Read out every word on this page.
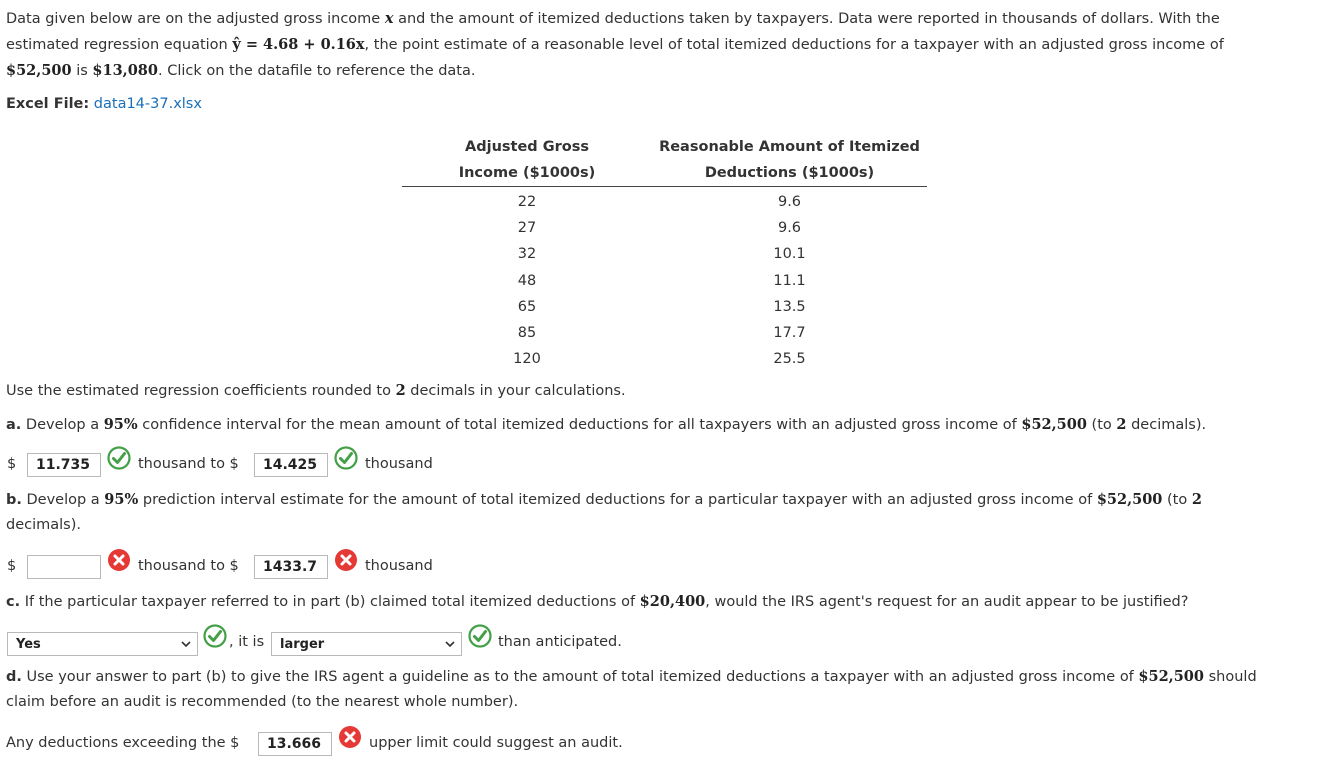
Data given below are on the adjusted gross income x and the amount of itemized deductions taken by taxpayers. Data were reported in thousands of dollars. With the
estimated regression equation ŷ = 4.68 + 0.16x, the point estimate of a reasonable level of total itemized deductions for a taxpayer with an adjusted gross income of
$52,500 is $13,080. Click on the datafile to reference the data.
Excel File: data14-37.xlsx
Adjusted Gross	Reasonable Amount of Itemized
Income ($1000s)	Deductions ($1000s)
22	9.6
27	9.6
32	10.1
48	11.1
65	13.5
85	17.7
120	25.5
Use the estimated regression coefficients rounded to 2 decimals in your calculations.
a. Develop a 95% confidence interval for the mean amount of total itemized deductions for all taxpayers with an adjusted gross income of $52,500 (to 2 decimals).
$	11.735	thousand to $	14.425	thousand
b. Develop a 95% prediction interval estimate for the amount of total itemized deductions for a particular taxpayer with an adjusted gross income of $52,500 (to 2
decimals).
$	thousand to $	1433.7	thousand
c. If the particular taxpayer referred to in part (b) claimed total itemized deductions of $20,400, would the IRS agent's request for an audit appear to be justified?
Yes	, it is	larger	than anticipated.
d. Use your answer to part (b) to give the IRS agent a guideline as to the amount of total itemized deductions a taxpayer with an adjusted gross income of $52,500 should
claim before an audit is recommended (to the nearest whole number).
Any deductions exceeding the $	13.666	upper limit could suggest an audit.
